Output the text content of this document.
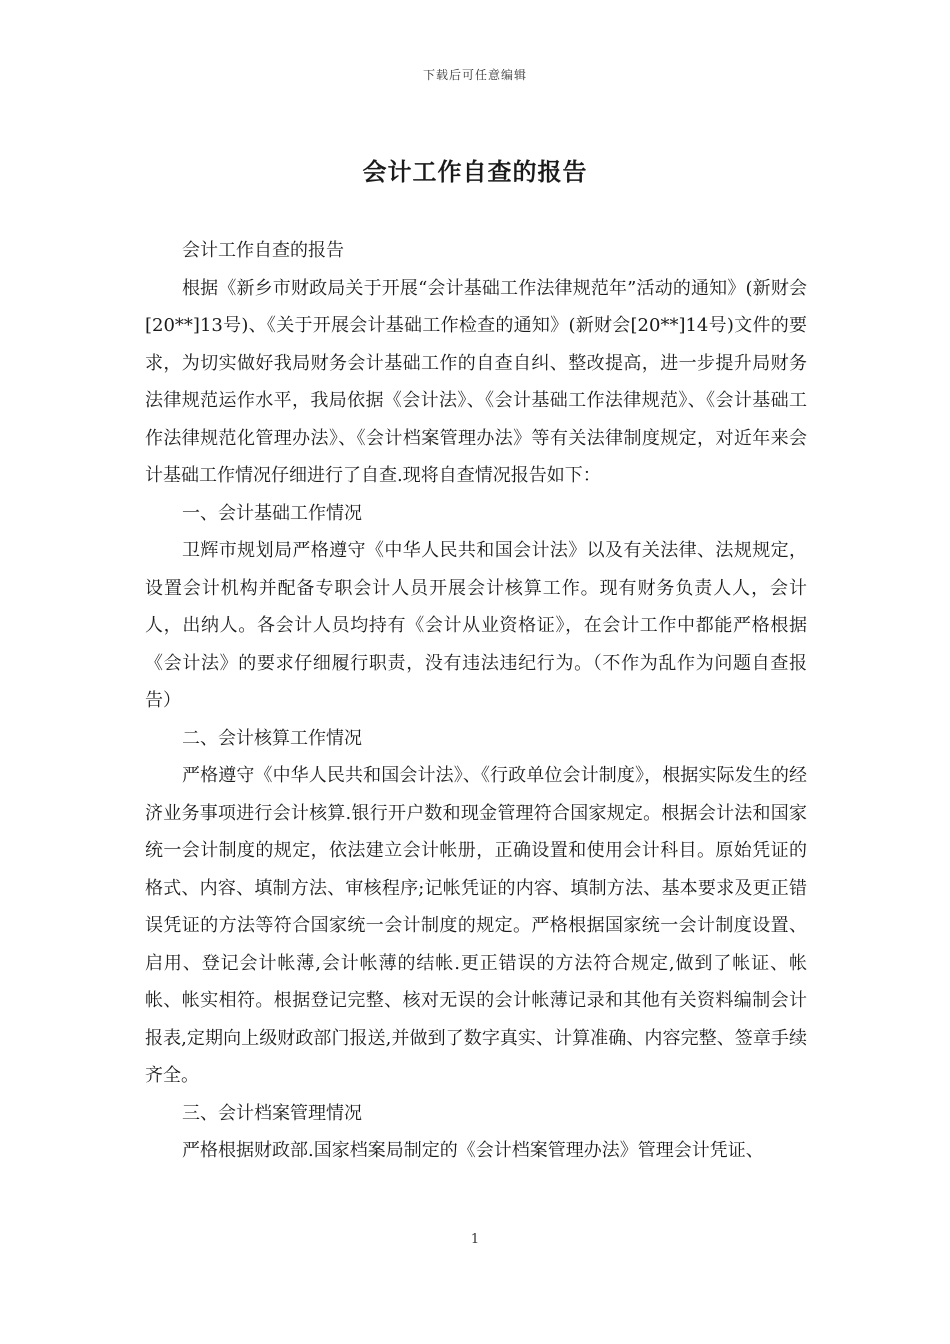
下载后可任意编辑
会计工作自查的报告

会计工作自查的报告

根据《新乡市财政局关于开展“会计基础工作法律规范年”活动的通知》(新财会[20**]13号)、《关于开展会计基础工作检查的通知》(新财会[20**]14号)文件的要求，为切实做好我局财务会计基础工作的自查自纠、整改提高，进一步提升局财务法律规范运作水平，我局依据《会计法》、《会计基础工作法律规范》、《会计基础工作法律规范化管理办法》、《会计档案管理办法》等有关法律制度规定，对近年来会计基础工作情况仔细进行了自查.现将自查情况报告如下：

一、会计基础工作情况

卫辉市规划局严格遵守《中华人民共和国会计法》以及有关法律、法规规定，设置会计机构并配备专职会计人员开展会计核算工作。现有财务负责人人，会计人，出纳人。各会计人员均持有《会计从业资格证》，在会计工作中都能严格根据《会计法》的要求仔细履行职责，没有违法违纪行为。（不作为乱作为问题自查报告）

二、会计核算工作情况

严格遵守《中华人民共和国会计法》、《行政单位会计制度》，根据实际发生的经济业务事项进行会计核算.银行开户数和现金管理符合国家规定。根据会计法和国家统一会计制度的规定，依法建立会计帐册，正确设置和使用会计科目。原始凭证的格式、内容、填制方法、审核程序;记帐凭证的内容、填制方法、基本要求及更正错误凭证的方法等符合国家统一会计制度的规定。严格根据国家统一会计制度设置、启用、登记会计帐薄,会计帐薄的结帐.更正错误的方法符合规定,做到了帐证、帐帐、帐实相符。根据登记完整、核对无误的会计帐薄记录和其他有关资料编制会计报表,定期向上级财政部门报送,并做到了数字真实、计算准确、内容完整、签章手续齐全。

三、会计档案管理情况

严格根据财政部.国家档案局制定的《会计档案管理办法》管理会计凭证、

1
